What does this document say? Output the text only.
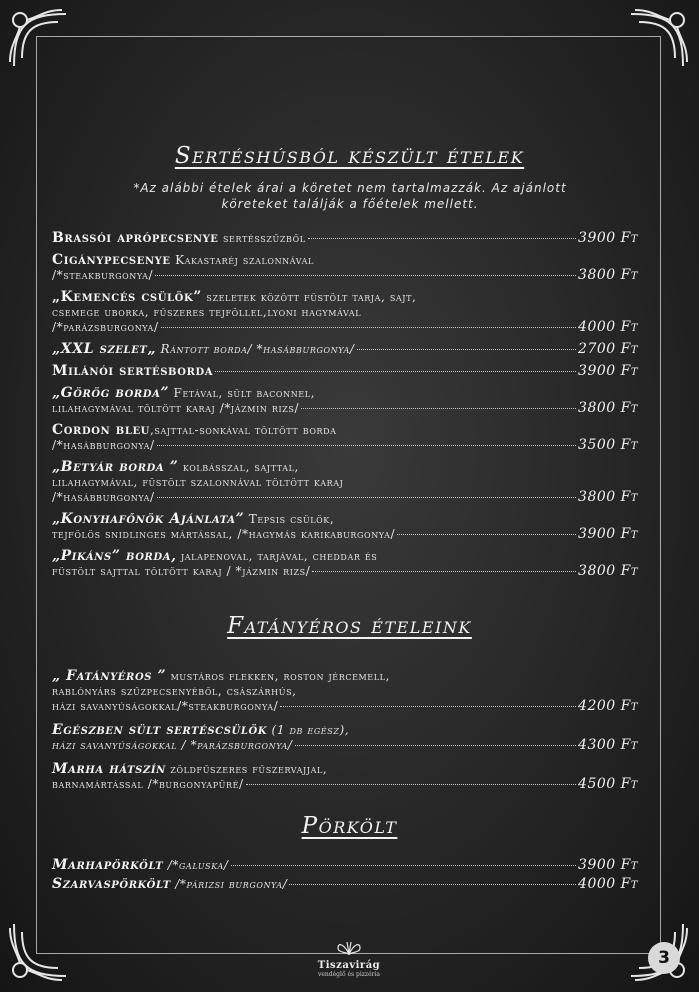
Sertéshúsból készült ételek
*Az alábbi ételek árai a köretet nem tartalmazzák. Az ajánlott
köreteket találják a főételek mellett.
Brassói aprópecsenye sertésszűzből	3900 Ft
Cigánypecsenye Kakastaréj szalonnával
/*steakburgonya/	3800 Ft
„Kemencés csülök” szeletek között füstölt tarja, sajt,
csemege uborka, fűszeres tejföllel,lyoni hagymával
/*parázsburgonya/	4000 Ft
„XXL szelet„ Rántott borda/ *hasábburgonya/	2700 Ft
Milánói sertésborda	3900 Ft
„Görög borda” Fetával, sült baconnel,
lilahagymával töltött karaj /*jázmin rizs/	3800 Ft
Cordon bleu,sajttal-sonkával töltött borda
/*hasábburgonya/	3500 Ft
„Betyár borda ” kolbásszal, sajttal,
lilahagymával, füstölt szalonnával töltött karaj
/*hasábburgonya/	3800 Ft
„Konyhafőnök Ajánlata” Tepsis csülök,
tejfölös snidlinges mártással, /*hagymás karikaburgonya/	3900 Ft
„Pikáns” borda, jalapenoval, tarjával, cheddar és
füstölt sajttal töltött karaj / *jázmin rizs/	3800 Ft
Fatányéros ételeink
„ Fatányéros ” mustáros flekken, roston jércemell,
rablónyárs szűzpecsenyéből, császárhús,
házi savanyúságokkal/*steakburgonya/	4200 Ft
Egészben sült sertéscsülök (1 db egész),
házi savanyúságokkal / *parázsburgonya/	4300 Ft
Marha hátszín zöldfűszeres fűszervajjal,
barnamártással /*burgonyapüré/	4500 Ft
Pörkölt
Marhapörkölt /*galuska/	3900 Ft
Szarvaspörkölt /*párizsi burgonya/	4000 Ft
Tiszavirág
vendéglő és pizzéria
3
